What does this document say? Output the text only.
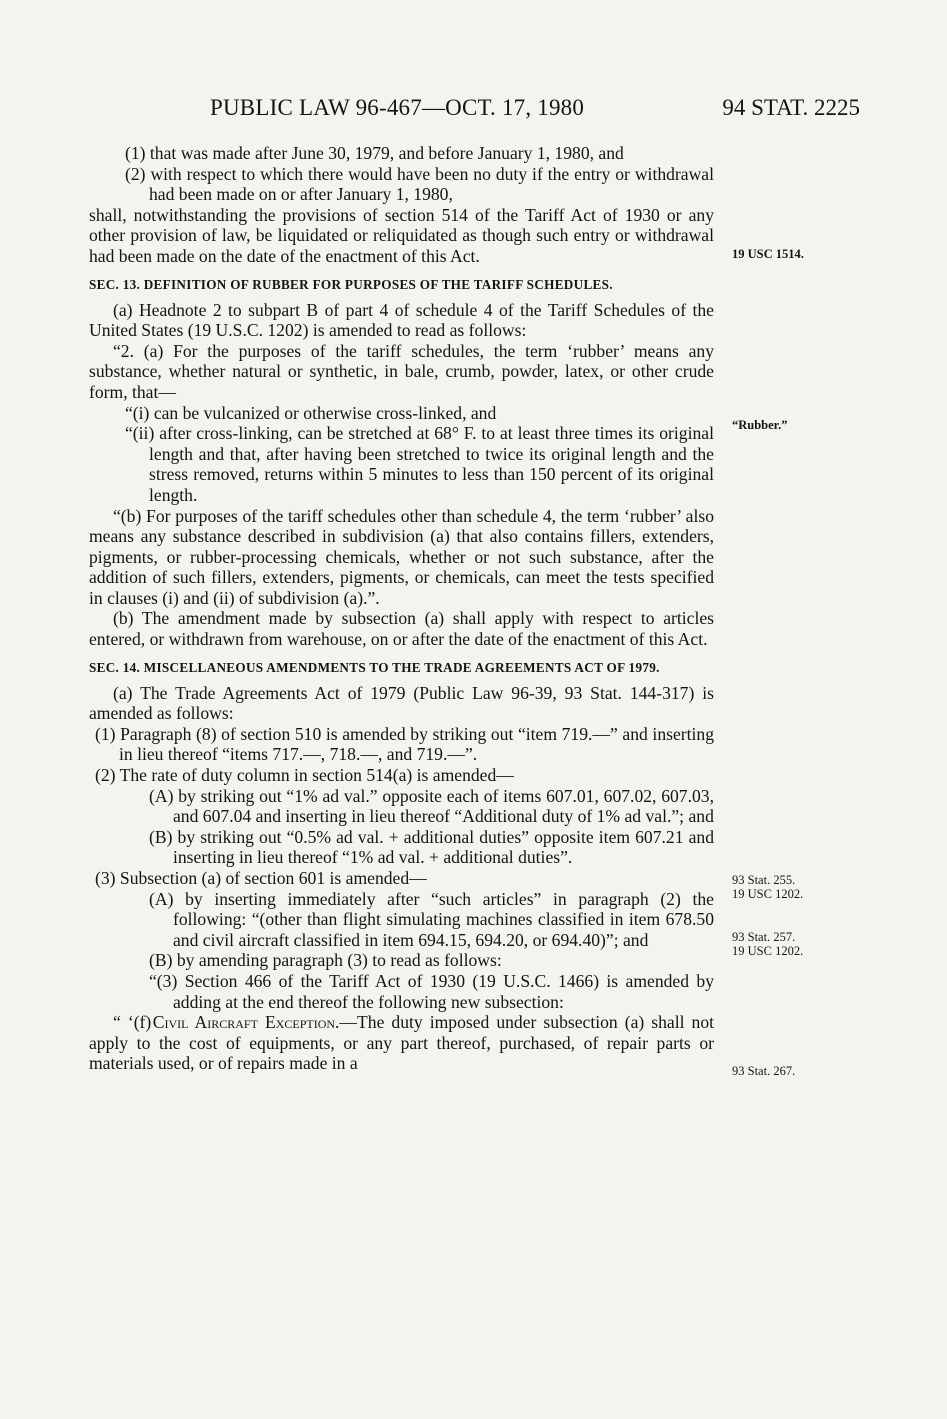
PUBLIC LAW 96-467—OCT. 17, 1980	94 STAT. 2225

(1) that was made after June 30, 1979, and before January 1, 1980, and

(2) with respect to which there would have been no duty if the entry or withdrawal had been made on or after January 1, 1980,

shall, notwithstanding the provisions of section 514 of the Tariff Act of 1930 or any other provision of law, be liquidated or reliquidated as though such entry or withdrawal had been made on the date of the enactment of this Act.

SEC. 13. DEFINITION OF RUBBER FOR PURPOSES OF THE TARIFF SCHEDULES.

(a) Headnote 2 to subpart B of part 4 of schedule 4 of the Tariff Schedules of the United States (19 U.S.C. 1202) is amended to read as follows:

“2. (a) For the purposes of the tariff schedules, the term ‘rubber’ means any substance, whether natural or synthetic, in bale, crumb, powder, latex, or other crude form, that—

“(i) can be vulcanized or otherwise cross-linked, and

“(ii) after cross-linking, can be stretched at 68° F. to at least three times its original length and that, after having been stretched to twice its original length and the stress removed, returns within 5 minutes to less than 150 percent of its original length.

“(b) For purposes of the tariff schedules other than schedule 4, the term ‘rubber’ also means any substance described in subdivision (a) that also contains fillers, extenders, pigments, or rubber-processing chemicals, whether or not such substance, after the addition of such fillers, extenders, pigments, or chemicals, can meet the tests specified in clauses (i) and (ii) of subdivision (a).”.

(b) The amendment made by subsection (a) shall apply with respect to articles entered, or withdrawn from warehouse, on or after the date of the enactment of this Act.

SEC. 14. MISCELLANEOUS AMENDMENTS TO THE TRADE AGREEMENTS ACT OF 1979.

(a) The Trade Agreements Act of 1979 (Public Law 96-39, 93 Stat. 144-317) is amended as follows:

(1) Paragraph (8) of section 510 is amended by striking out “item 719.—” and inserting in lieu thereof “items 717.—, 718.—, and 719.—”.

(2) The rate of duty column in section 514(a) is amended—

(A) by striking out “1% ad val.” opposite each of items 607.01, 607.02, 607.03, and 607.04 and inserting in lieu thereof “Additional duty of 1% ad val.”; and

(B) by striking out “0.5% ad val. + additional duties” opposite item 607.21 and inserting in lieu thereof “1% ad val. + additional duties”.

(3) Subsection (a) of section 601 is amended—

(A) by inserting immediately after “such articles” in paragraph (2) the following: “(other than flight simulating machines classified in item 678.50 and civil aircraft classified in item 694.15, 694.20, or 694.40)”; and

(B) by amending paragraph (3) to read as follows:

“(3) Section 466 of the Tariff Act of 1930 (19 U.S.C. 1466) is amended by adding at the end thereof the following new subsection:

“ ‘(f) Civil Aircraft Exception.—The duty imposed under subsection (a) shall not apply to the cost of equipments, or any part thereof, purchased, of repair parts or materials used, or of repairs made in a

19 USC 1514.
“Rubber.”
93 Stat. 255.
19 USC 1202.
93 Stat. 257.
19 USC 1202.
93 Stat. 267.
